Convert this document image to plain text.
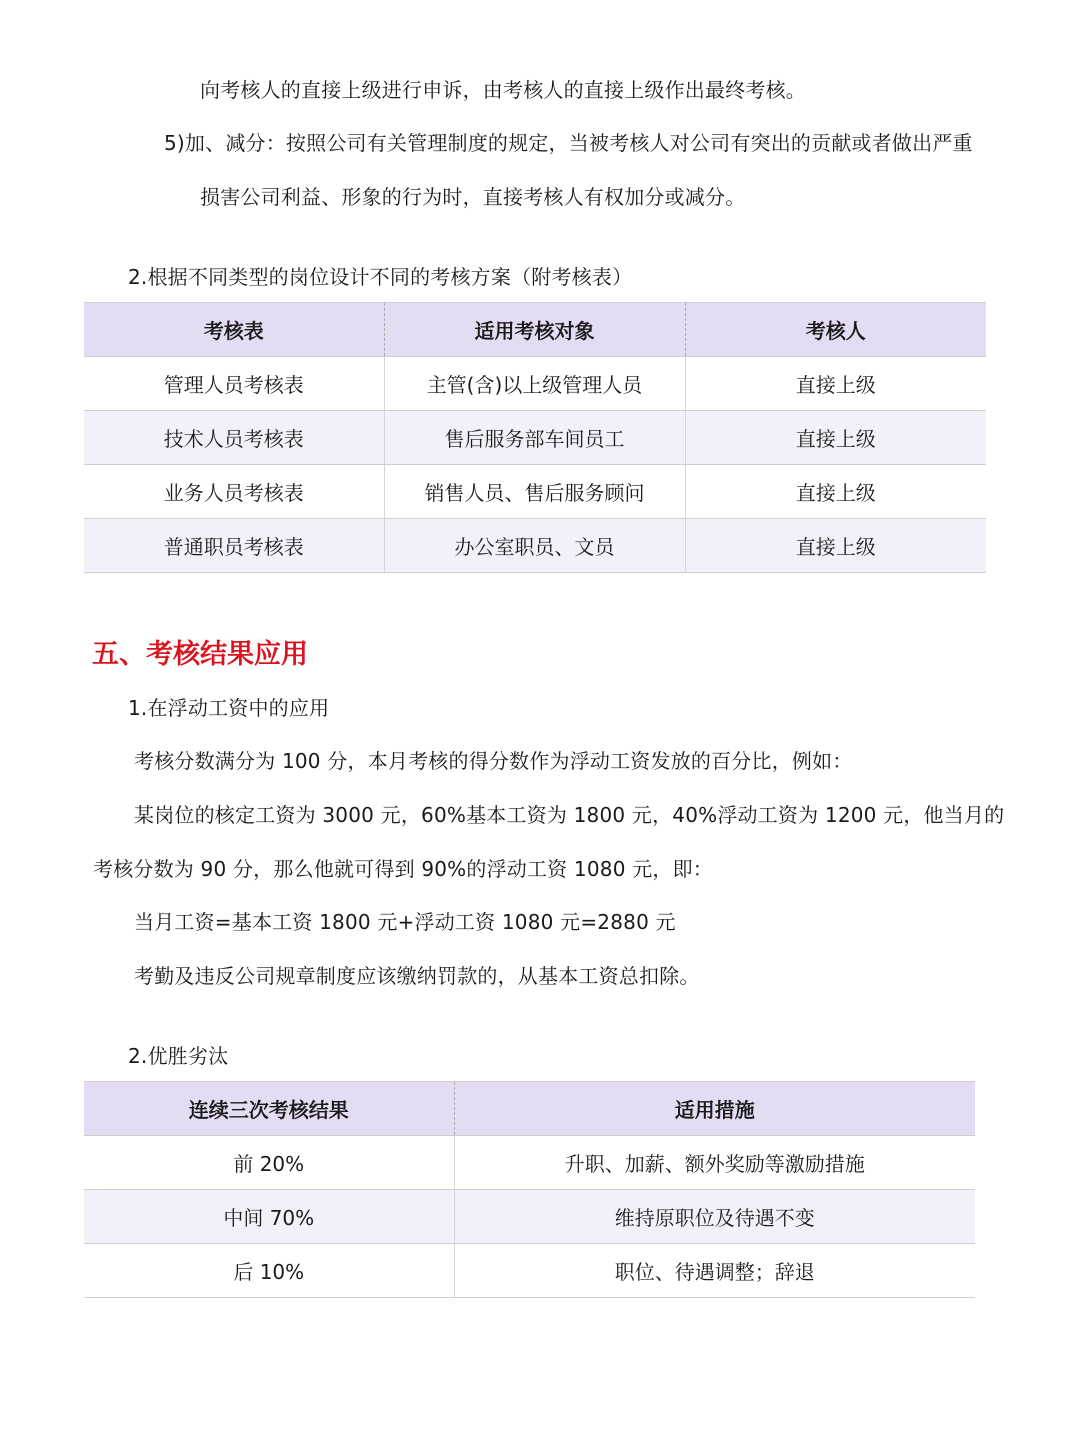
向考核人的直接上级进行申诉，由考核人的直接上级作出最终考核。
5)加、减分：按照公司有关管理制度的规定，当被考核人对公司有突出的贡献或者做出严重
损害公司利益、形象的行为时，直接考核人有权加分或减分。
2.根据不同类型的岗位设计不同的考核方案（附考核表）
考核表	适用考核对象	考核人
管理人员考核表	主管(含)以上级管理人员	直接上级
技术人员考核表	售后服务部车间员工	直接上级
业务人员考核表	销售人员、售后服务顾问	直接上级
普通职员考核表	办公室职员、文员	直接上级
五、考核结果应用
1.在浮动工资中的应用
考核分数满分为 100 分，本月考核的得分数作为浮动工资发放的百分比，例如：
某岗位的核定工资为 3000 元，60%基本工资为 1800 元，40%浮动工资为 1200 元，他当月的
考核分数为 90 分，那么他就可得到 90%的浮动工资 1080 元，即：
当月工资=基本工资 1800 元+浮动工资 1080 元=2880 元
考勤及违反公司规章制度应该缴纳罚款的，从基本工资总扣除。
2.优胜劣汰
连续三次考核结果	适用措施
前 20%	升职、加薪、额外奖励等激励措施
中间 70%	维持原职位及待遇不变
后 10%	职位、待遇调整；辞退
